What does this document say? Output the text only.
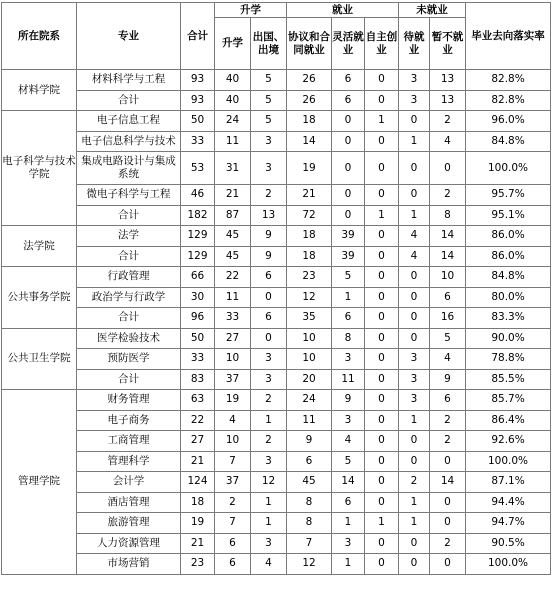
所在院系	专业	合计	升学		就业			未就业		毕业去向落实率
			升学	出国、出境	协议和合同就业	灵活就业	自主创业	待就业	暂不就业	
材料学院	材料科学与工程	93	40	5	26	6	0	3	13	82.8%
	合计	93	40	5	26	6	0	3	13	82.8%
电子科学与技术学院	电子信息工程	50	24	5	18	0	1	0	2	96.0%
	电子信息科学与技术	33	11	3	14	0	0	1	4	84.8%
	集成电路设计与集成系统	53	31	3	19	0	0	0	0	100.0%
	微电子科学与工程	46	21	2	21	0	0	0	2	95.7%
	合计	182	87	13	72	0	1	1	8	95.1%
法学院	法学	129	45	9	18	39	0	4	14	86.0%
	合计	129	45	9	18	39	0	4	14	86.0%
公共事务学院	行政管理	66	22	6	23	5	0	0	10	84.8%
	政治学与行政学	30	11	0	12	1	0	0	6	80.0%
	合计	96	33	6	35	6	0	0	16	83.3%
公共卫生学院	医学检验技术	50	27	0	10	8	0	0	5	90.0%
	预防医学	33	10	3	10	3	0	3	4	78.8%
	合计	83	37	3	20	11	0	3	9	85.5%
管理学院	财务管理	63	19	2	24	9	0	3	6	85.7%
	电子商务	22	4	1	11	3	0	1	2	86.4%
	工商管理	27	10	2	9	4	0	0	2	92.6%
	管理科学	21	7	3	6	5	0	0	0	100.0%
	会计学	124	37	12	45	14	0	2	14	87.1%
	酒店管理	18	2	1	8	6	0	1	0	94.4%
	旅游管理	19	7	1	8	1	1	1	0	94.7%
	人力资源管理	21	6	3	7	3	0	0	2	90.5%
	市场营销	23	6	4	12	1	0	0	0	100.0%
